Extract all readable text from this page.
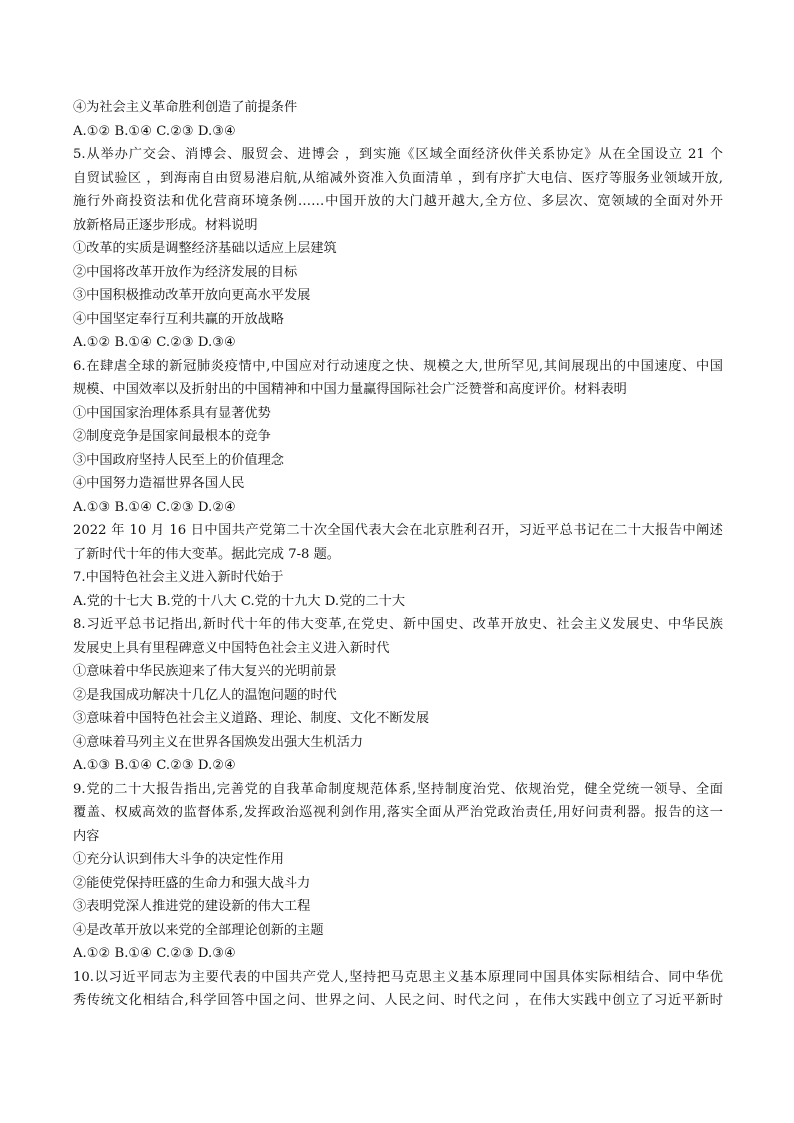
④为社会主义革命胜利创造了前提条件
A.①② B.①④ C.②③ D.③④
5.从举办广交会、消博会、服贸会、进博会 ，到实施《区域全面经济伙伴关系协定》从在全国设立 21 个
自贸试验区 ，到海南自由贸易港启航,从缩减外资准入负面清单 ，到有序扩大电信、医疗等服务业领域开放,
施行外商投资法和优化营商环境条例……中国开放的大门越开越大,全方位、多层次、宽领域的全面对外开
放新格局正逐步形成。材料说明
①改革的实质是调整经济基础以适应上层建筑
②中国将改革开放作为经济发展的目标
③中国积极推动改革开放向更高水平发展
④中国坚定奉行互利共赢的开放战略
A.①② B.①④ C.②③ D.③④
6.在肆虐全球的新冠肺炎疫情中,中国应对行动速度之快、规模之大,世所罕见,其间展现出的中国速度、中国
规模、中国效率以及折射出的中国精神和中国力量赢得国际社会广泛赞誉和高度评价。材料表明
①中国国家治理体系具有显著优势
②制度竞争是国家间最根本的竞争
③中国政府坚持人民至上的价值理念
④中国努力造福世界各国人民
A.①③ B.①④ C.②③ D.②④
2022 年 10 月 16 日中国共产党第二十次全国代表大会在北京胜利召开，习近平总书记在二十大报告中阐述
了新时代十年的伟大变革。据此完成 7-8 题。
7.中国特色社会主义进入新时代始于
A.党的十七大 B.党的十八大 C.党的十九大 D.党的二十大
8.习近平总书记指出,新时代十年的伟大变革,在党史、新中国史、改革开放史、社会主义发展史、中华民族
发展史上具有里程碑意义中国特色社会主义进入新时代
①意味着中华民族迎来了伟大复兴的光明前景
②是我国成功解决十几亿人的温饱问题的时代
③意味着中国特色社会主义道路、理论、制度、文化不断发展
④意味着马列主义在世界各国焕发出强大生机活力
A.①③ B.①④ C.②③ D.②④
9.党的二十大报告指出,完善党的自我革命制度规范体系,坚持制度治党、依规治党，健全党统一领导、全面
覆盖、权威高效的监督体系,发挥政治巡视利剑作用,落实全面从严治党政治责任,用好问责利器。报告的这一
内容
①充分认识到伟大斗争的决定性作用
②能使党保持旺盛的生命力和强大战斗力
③表明党深人推进党的建设新的伟大工程
④是改革开放以来党的全部理论创新的主题
A.①② B.①④ C.②③ D.③④
10.以习近平同志为主要代表的中国共产党人,坚持把马克思主义基本原理同中国具体实际相结合、同中华优
秀传统文化相结合,科学回答中国之问、世界之问、人民之问、时代之问 ，在伟大实践中创立了习近平新时
